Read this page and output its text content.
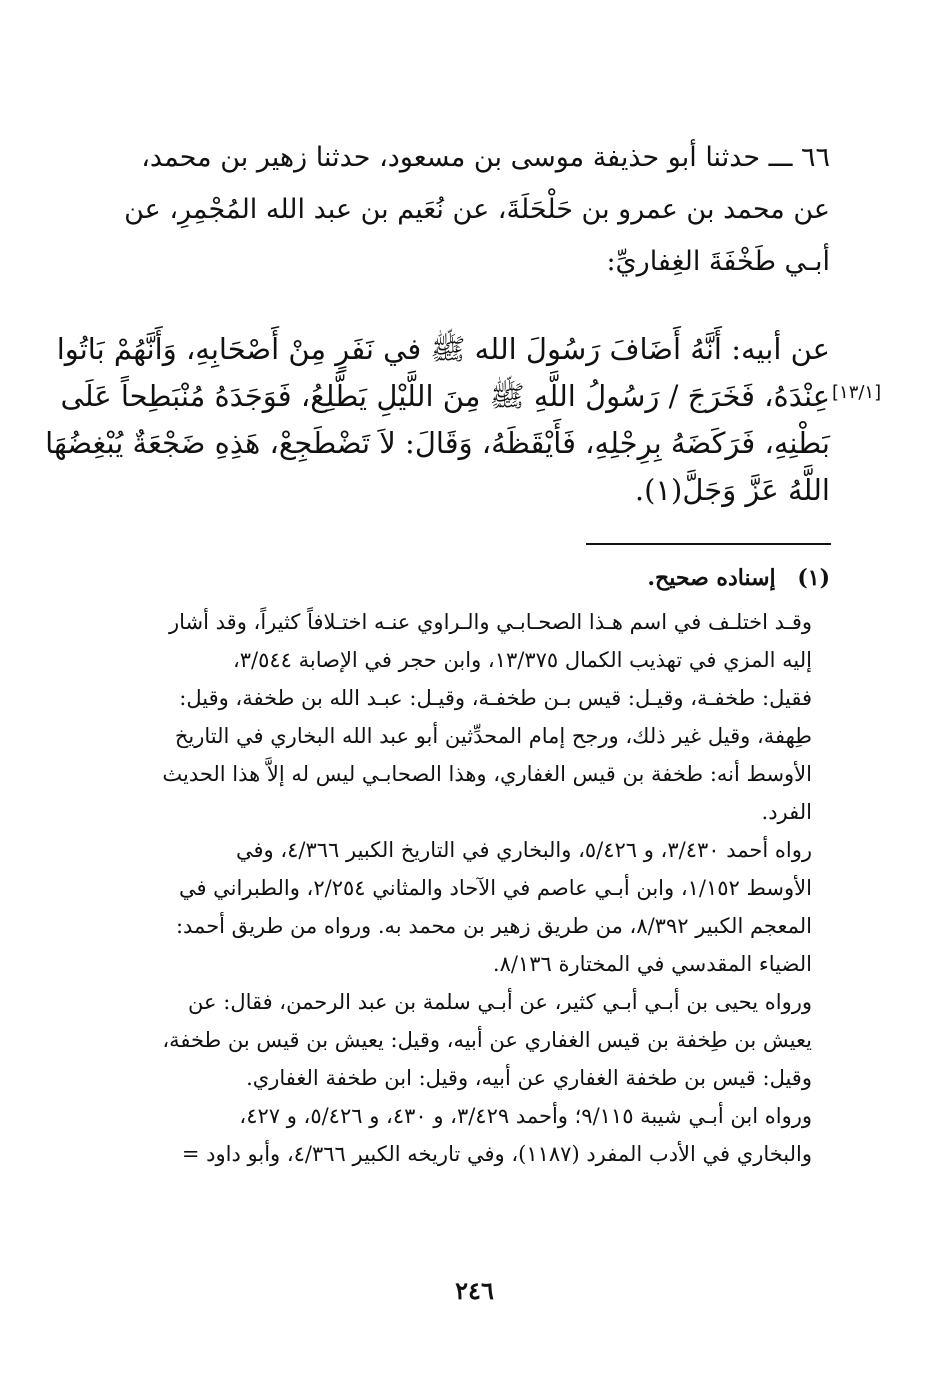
٦٦ ـــ حدثنا أبو حذيفة موسى بن مسعود، حدثنا زهير بن محمد،
عن محمد بن عمرو بن حَلْحَلَةَ، عن نُعَيم بن عبد الله المُجْمِرِ، عن
أبـي طَخْفَةَ الغِفاريِّ:
عن أبيه: أَنَّهُ أَضَافَ رَسُولَ الله ﷺ في نَفَرٍ مِنْ أَصْحَابِهِ، وَأَنَّهُمْ بَاتُوا
عِنْدَهُ، فَخَرَجَ / رَسُولُ اللَّهِ ﷺ مِنَ اللَّيْلِ يَطَّلِعُ، فَوَجَدَهُ مُنْبَطِحاً عَلَى
بَطْنِهِ، فَرَكَضَهُ بِرِجْلِهِ، فَأَيْقَظَهُ، وَقَالَ: لاَ تَضْطَجِعْ، هَذِهِ ضَجْعَةٌ يُبْغِضُهَا
اللَّهُ عَزَّ وَجَلَّ(١).
[١٣/١]
(١) إسناده صحيح.
وقـد اختلـف في اسم هـذا الصحـابـي والـراوي عنـه اختـلافاً كثيراً، وقد أشار
إليه المزي في تهذيب الكمال ١٣/٣٧٥، وابن حجر في الإصابة ٣/٥٤٤،
فقيل: طخفـة، وقيـل: قيس بـن طخفـة، وقيـل: عبـد الله بن طخفة، وقيل:
طِهفة، وقيل غير ذلك، ورجح إمام المحدِّثين أبو عبد الله البخاري في التاريخ
الأوسط أنه: طخفة بن قيس الغفاري، وهذا الصحابـي ليس له إلاَّ هذا الحديث
الفرد.
رواه أحمد ٣/٤٣٠، و ٥/٤٢٦، والبخاري في التاريخ الكبير ٤/٣٦٦، وفي
الأوسط ١/١٥٢، وابن أبـي عاصم في الآحاد والمثاني ٢/٢٥٤، والطبراني في
المعجم الكبير ٨/٣٩٢، من طريق زهير بن محمد به. ورواه من طريق أحمد:
الضياء المقدسي في المختارة ٨/١٣٦.
ورواه يحيى بن أبـي أبـي كثير، عن أبـي سلمة بن عبد الرحمن، فقال: عن
يعيش بن طِخفة بن قيس الغفاري عن أبيه، وقيل: يعيش بن قيس بن طخفة،
وقيل: قيس بن طخفة الغفاري عن أبيه، وقيل: ابن طخفة الغفاري.
ورواه ابن أبـي شيبة ٩/١١٥؛ وأحمد ٣/٤٢٩، و ٤٣٠، و ٥/٤٢٦، و ٤٢٧،
والبخاري في الأدب المفرد (١١٨٧)، وفي تاريخه الكبير ٤/٣٦٦، وأبو داود =
٢٤٦
